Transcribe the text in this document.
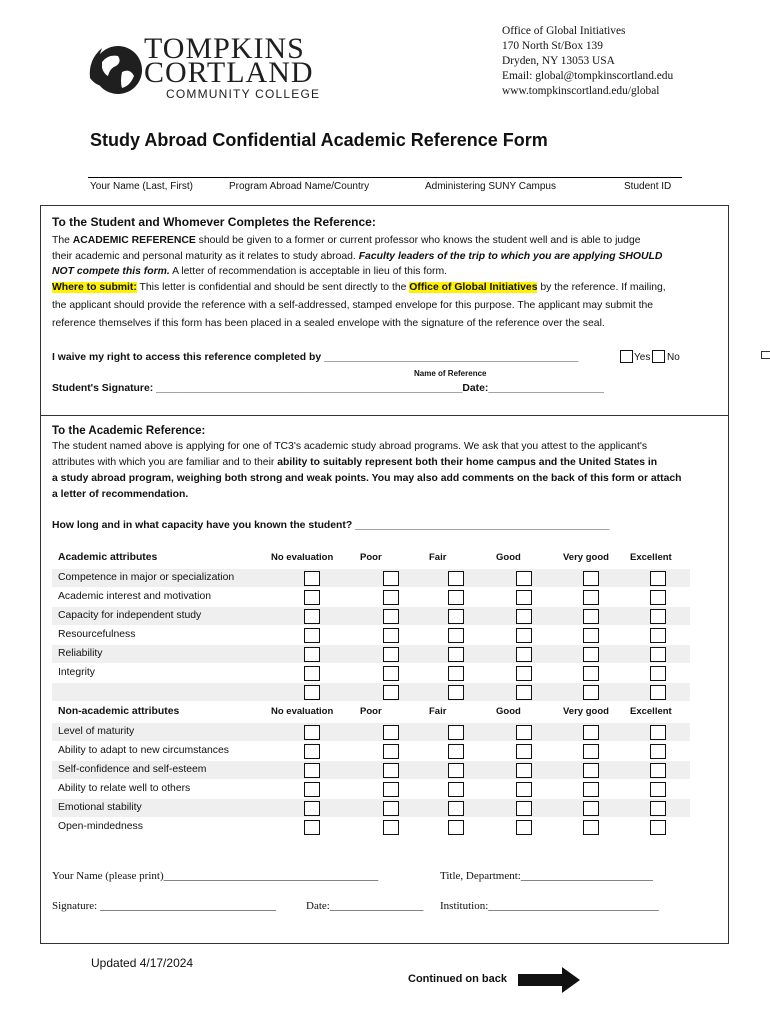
TOMPKINS
CORTLAND
COMMUNITY COLLEGE
Office of Global Initiatives
170 North St/Box 139
Dryden, NY 13053 USA
Email: global@tompkinscortland.edu
www.tompkinscortland.edu/global
Study Abroad Confidential Academic Reference Form
Your Name (Last, First)	Program Abroad Name/Country	Administering SUNY Campus	Student ID
To the Student and Whomever Completes the Reference:
The ACADEMIC REFERENCE should be given to a former or current professor who knows the student well and is able to judge
their academic and personal maturity as it relates to study abroad. Faculty leaders of the trip to which you are applying SHOULD
NOT compete this form. A letter of recommendation is acceptable in lieu of this form.
Where to submit: This letter is confidential and should be sent directly to the Office of Global Initiatives by the reference. If mailing,
the applicant should provide the reference with a self-addressed, stamped envelope for this purpose. The applicant may submit the
reference themselves if this form has been placed in a sealed envelope with the signature of the reference over the seal.
I waive my right to access this reference completed by ____________________________________________	Yes No
Name of Reference
Student's Signature: _____________________________________________________Date:____________________
To the Academic Reference:
The student named above is applying for one of TC3's academic study abroad programs. We ask that you attest to the applicant's
attributes with which you are familiar and to their ability to suitably represent both their home campus and the United States in
a study abroad program, weighing both strong and weak points. You may also add comments on the back of this form or attach
a letter of recommendation.
How long and in what capacity have you known the student? ____________________________________________
Academic attributes	No evaluation	Poor	Fair	Good	Very good Excellent
Competence in major or specialization
Academic interest and motivation
Capacity for independent study
Resourcefulness
Reliability
Integrity
Non-academic attributes	No evaluation	Poor	Fair	Good	Very good Excellent
Level of maturity
Ability to adapt to new circumstances
Self-confidence and self-esteem
Ability to relate well to others
Emotional stability
Open-mindedness
Your Name (please print)_______________________________________	Title, Department:________________________
Signature: ________________________________	Date:_________________ Institution:_______________________________
Updated 4/17/2024
Continued on back
